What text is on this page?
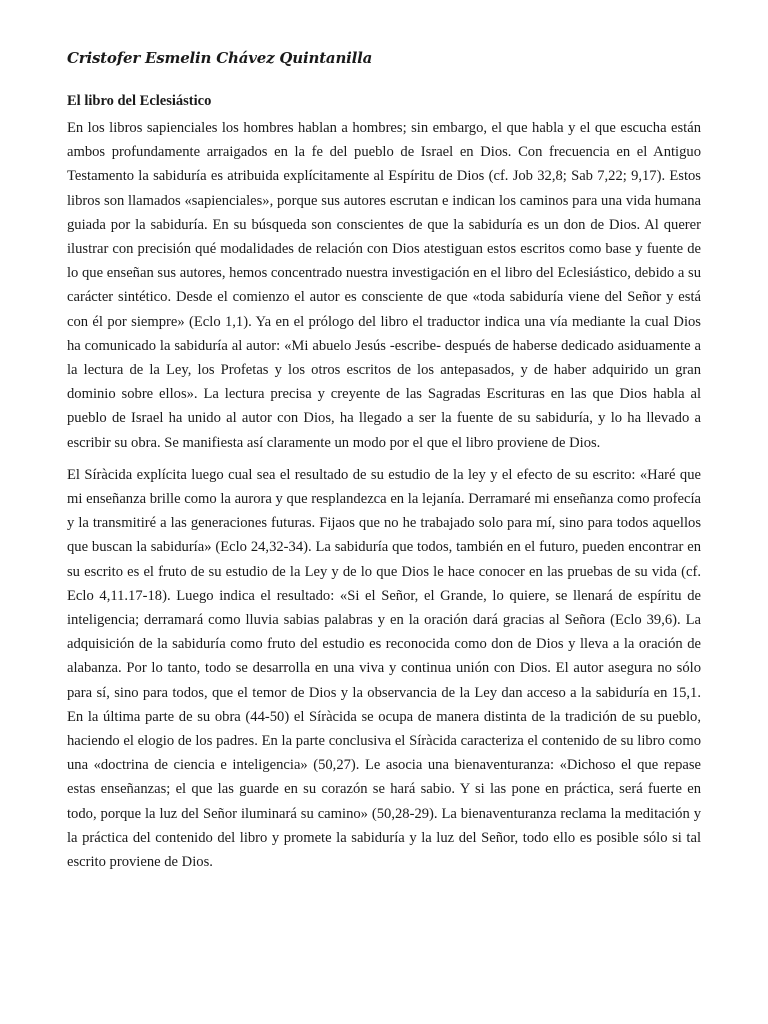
Cristofer Esmelin Chávez Quintanilla

El libro del Eclesiástico

En los libros sapienciales los hombres hablan a hombres; sin embargo, el que habla y el que escucha están ambos profundamente arraigados en la fe del pueblo de Israel en Dios. Con frecuencia en el Antiguo Testamento la sabiduría es atribuida explícitamente al Espíritu de Dios (cf. Job 32,8; Sab 7,22; 9,17). Estos libros son llamados «sapienciales», porque sus autores escrutan e indican los caminos para una vida humana guiada por la sabiduría. En su búsqueda son conscientes de que la sabiduría es un don de Dios. Al querer ilustrar con precisión qué modalidades de relación con Dios atestiguan estos escritos como base y fuente de lo que enseñan sus autores, hemos concentrado nuestra investigación en el libro del Eclesiástico, debido a su carácter sintético. Desde el comienzo el autor es consciente de que «toda sabiduría viene del Señor y está con él por siempre» (Eclo 1,1). Ya en el prólogo del libro el traductor indica una vía mediante la cual Dios ha comunicado la sabiduría al autor: «Mi abuelo Jesús -escribe- después de haberse dedicado asiduamente a la lectura de la Ley, los Profetas y los otros escritos de los antepasados, y de haber adquirido un gran dominio sobre ellos». La lectura precisa y creyente de las Sagradas Escrituras en las que Dios habla al pueblo de Israel ha unido al autor con Dios, ha llegado a ser la fuente de su sabiduría, y lo ha llevado a escribir su obra. Se manifiesta así claramente un modo por el que el libro proviene de Dios.

El Síràcida explícita luego cual sea el resultado de su estudio de la ley y el efecto de su escrito: «Haré que mi enseñanza brille como la aurora y que resplandezca en la lejanía. Derramaré mi enseñanza como profecía y la transmitiré a las generaciones futuras. Fijaos que no he trabajado solo para mí, sino para todos aquellos que buscan la sabiduría» (Eclo 24,32-34). La sabiduría que todos, también en el futuro, pueden encontrar en su escrito es el fruto de su estudio de la Ley y de lo que Dios le hace conocer en las pruebas de su vida (cf. Eclo 4,11.17-18). Luego indica el resultado: «Si el Señor, el Grande, lo quiere, se llenará de espíritu de inteligencia; derramará como lluvia sabias palabras y en la oración dará gracias al Señora (Eclo 39,6). La adquisición de la sabiduría como fruto del estudio es reconocida como don de Dios y lleva a la oración de alabanza. Por lo tanto, todo se desarrolla en una viva y continua unión con Dios. El autor asegura no sólo para sí, sino para todos, que el temor de Dios y la observancia de la Ley dan acceso a la sabiduría en 15,1. En la última parte de su obra (44-50) el Síràcida se ocupa de manera distinta de la tradición de su pueblo, haciendo el elogio de los padres. En la parte conclusiva el Síràcida caracteriza el contenido de su libro como una «doctrina de ciencia e inteligencia» (50,27). Le asocia una bienaventuranza: «Dichoso el que repase estas enseñanzas; el que las guarde en su corazón se hará sabio. Y si las pone en práctica, será fuerte en todo, porque la luz del Señor iluminará su camino» (50,28-29). La bienaventuranza reclama la meditación y la práctica del contenido del libro y promete la sabiduría y la luz del Señor, todo ello es posible sólo si tal escrito proviene de Dios.
